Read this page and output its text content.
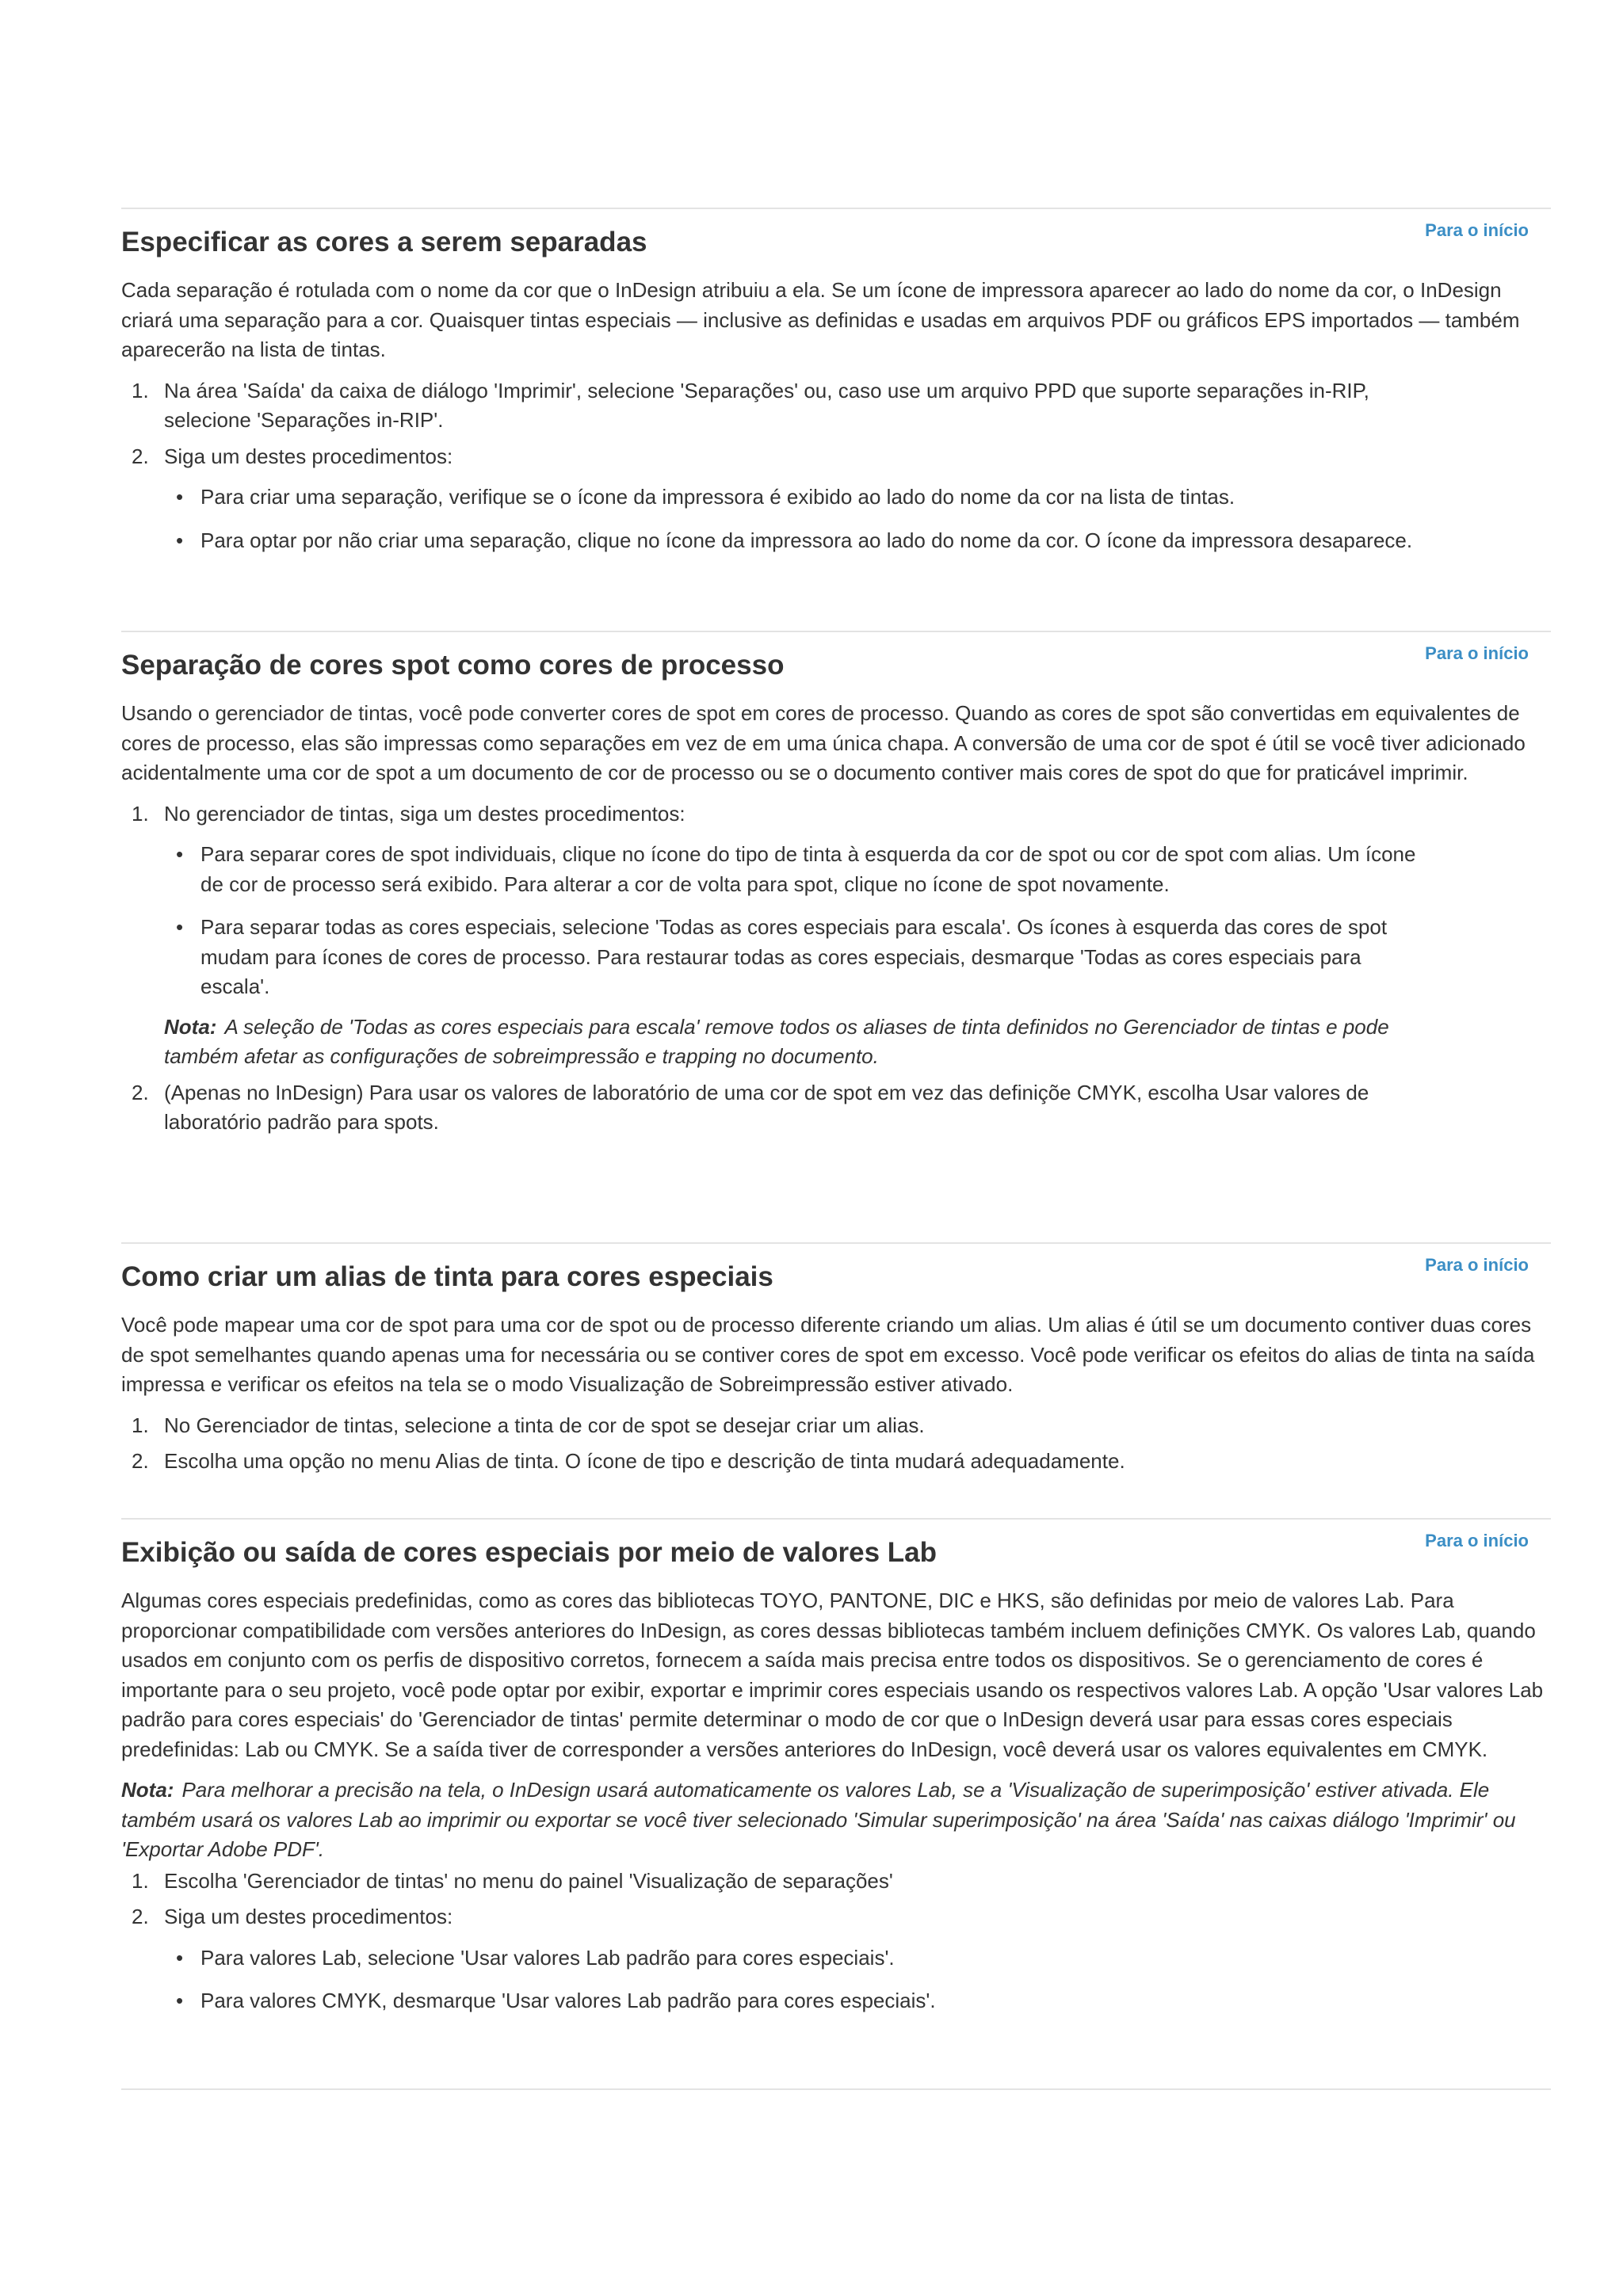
Para o início
Especificar as cores a serem separadas

Cada separação é rotulada com o nome da cor que o InDesign atribuiu a ela. Se um ícone de impressora aparecer ao lado do nome da cor, o InDesign criará uma separação para a cor. Quaisquer tintas especiais — inclusive as definidas e usadas em arquivos PDF ou gráficos EPS importados — também aparecerão na lista de tintas.

1. Na área 'Saída' da caixa de diálogo 'Imprimir', selecione 'Separações' ou, caso use um arquivo PPD que suporte separações in-RIP, selecione 'Separações in-RIP'.
2. Siga um destes procedimentos:
• Para criar uma separação, verifique se o ícone da impressora é exibido ao lado do nome da cor na lista de tintas.
• Para optar por não criar uma separação, clique no ícone da impressora ao lado do nome da cor. O ícone da impressora desaparece.
Para o início
Separação de cores spot como cores de processo

Usando o gerenciador de tintas, você pode converter cores de spot em cores de processo. Quando as cores de spot são convertidas em equivalentes de cores de processo, elas são impressas como separações em vez de em uma única chapa. A conversão de uma cor de spot é útil se você tiver adicionado acidentalmente uma cor de spot a um documento de cor de processo ou se o documento contiver mais cores de spot do que for praticável imprimir.

1. No gerenciador de tintas, siga um destes procedimentos:
• Para separar cores de spot individuais, clique no ícone do tipo de tinta à esquerda da cor de spot ou cor de spot com alias. Um ícone de cor de processo será exibido. Para alterar a cor de volta para spot, clique no ícone de spot novamente.
• Para separar todas as cores especiais, selecione 'Todas as cores especiais para escala'. Os ícones à esquerda das cores de spot mudam para ícones de cores de processo. Para restaurar todas as cores especiais, desmarque 'Todas as cores especiais para escala'.
Nota: A seleção de 'Todas as cores especiais para escala' remove todos os aliases de tinta definidos no Gerenciador de tintas e pode também afetar as configurações de sobreimpressão e trapping no documento.
2. (Apenas no InDesign) Para usar os valores de laboratório de uma cor de spot em vez das definiçõe CMYK, escolha Usar valores de laboratório padrão para spots.
Para o início
Como criar um alias de tinta para cores especiais

Você pode mapear uma cor de spot para uma cor de spot ou de processo diferente criando um alias. Um alias é útil se um documento contiver duas cores de spot semelhantes quando apenas uma for necessária ou se contiver cores de spot em excesso. Você pode verificar os efeitos do alias de tinta na saída impressa e verificar os efeitos na tela se o modo Visualização de Sobreimpressão estiver ativado.

1. No Gerenciador de tintas, selecione a tinta de cor de spot se desejar criar um alias.
2. Escolha uma opção no menu Alias de tinta. O ícone de tipo e descrição de tinta mudará adequadamente.
Para o início
Exibição ou saída de cores especiais por meio de valores Lab

Algumas cores especiais predefinidas, como as cores das bibliotecas TOYO, PANTONE, DIC e HKS, são definidas por meio de valores Lab. Para proporcionar compatibilidade com versões anteriores do InDesign, as cores dessas bibliotecas também incluem definições CMYK. Os valores Lab, quando usados em conjunto com os perfis de dispositivo corretos, fornecem a saída mais precisa entre todos os dispositivos. Se o gerenciamento de cores é importante para o seu projeto, você pode optar por exibir, exportar e imprimir cores especiais usando os respectivos valores Lab. A opção 'Usar valores Lab padrão para cores especiais' do 'Gerenciador de tintas' permite determinar o modo de cor que o InDesign deverá usar para essas cores especiais predefinidas: Lab ou CMYK. Se a saída tiver de corresponder a versões anteriores do InDesign, você deverá usar os valores equivalentes em CMYK.

Nota: Para melhorar a precisão na tela, o InDesign usará automaticamente os valores Lab, se a 'Visualização de superimposição' estiver ativada. Ele também usará os valores Lab ao imprimir ou exportar se você tiver selecionado 'Simular superimposição' na área 'Saída' nas caixas diálogo 'Imprimir' ou 'Exportar Adobe PDF'.
1. Escolha 'Gerenciador de tintas' no menu do painel 'Visualização de separações'
2. Siga um destes procedimentos:
• Para valores Lab, selecione 'Usar valores Lab padrão para cores especiais'.
• Para valores CMYK, desmarque 'Usar valores Lab padrão para cores especiais'.
